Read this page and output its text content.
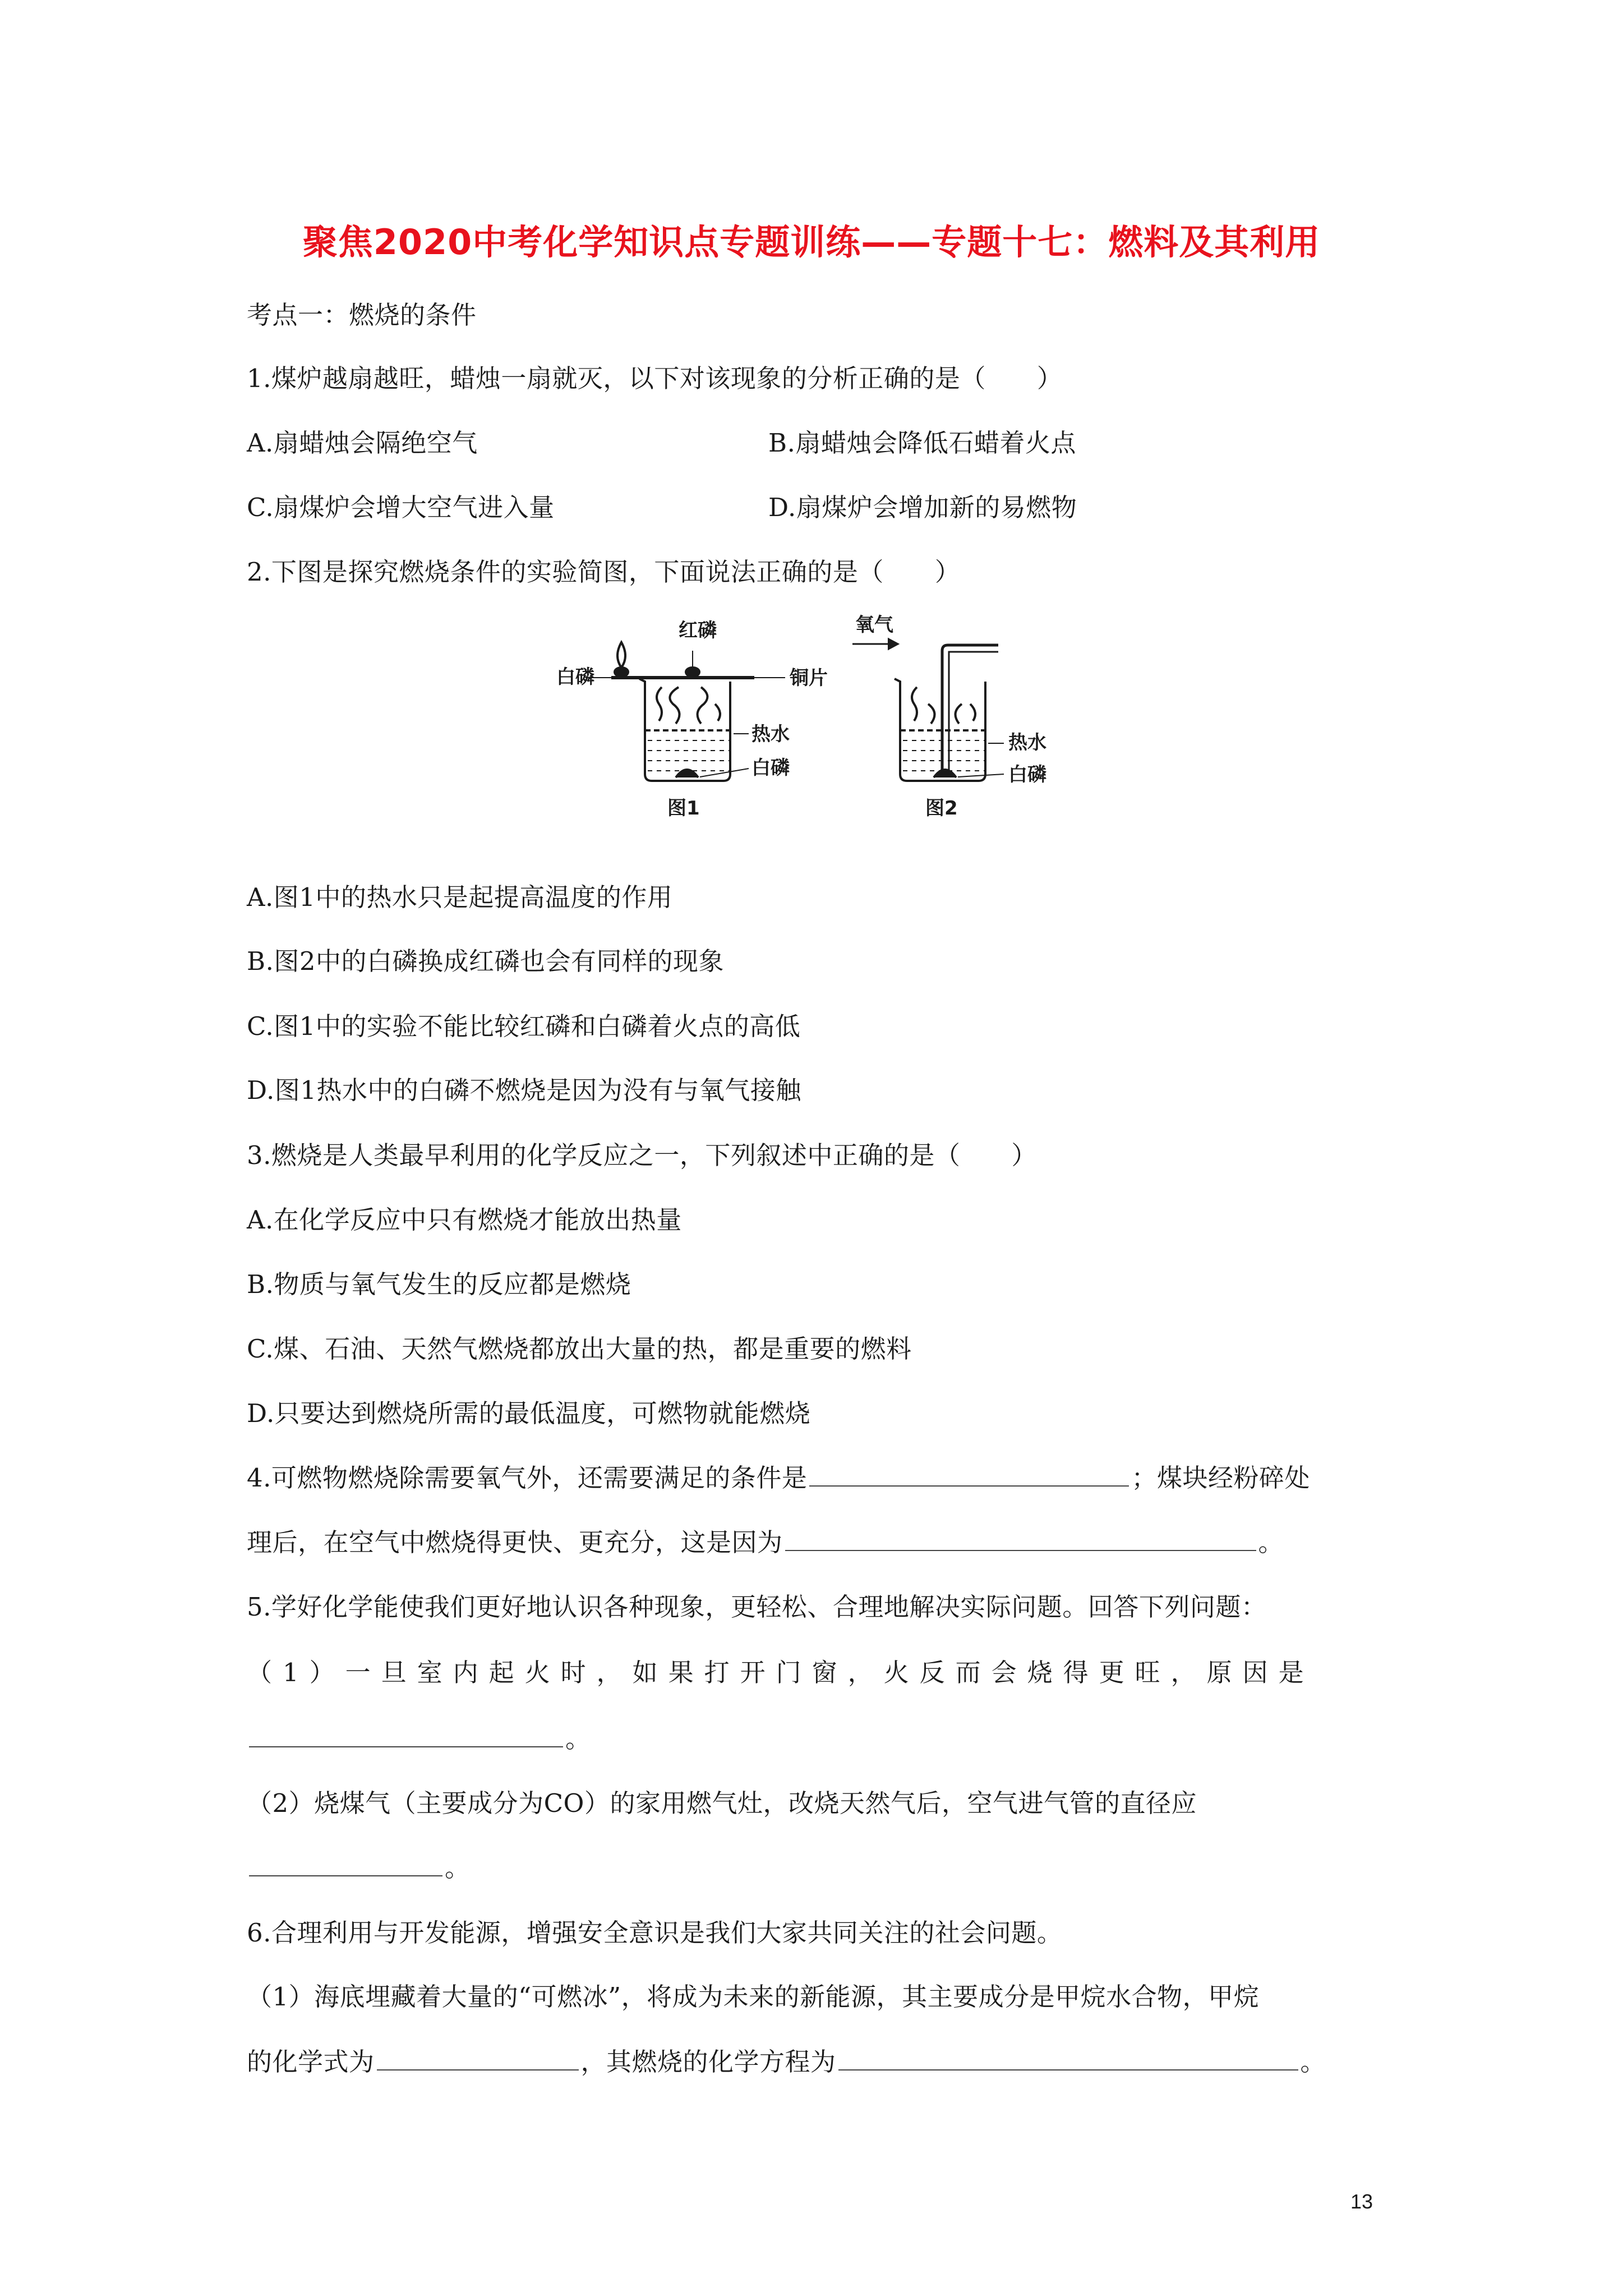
聚焦2020中考化学知识点专题训练——专题十七：燃料及其利用
考点一：燃烧的条件
1.煤炉越扇越旺，蜡烛一扇就灭，以下对该现象的分析正确的是（　　）
A.扇蜡烛会隔绝空气	B.扇蜡烛会降低石蜡着火点
C.扇煤炉会增大空气进入量	D.扇煤炉会增加新的易燃物
2.下图是探究燃烧条件的实验简图，下面说法正确的是（　　）
红磷
白磷	铜片
热水
白磷
图1
氧气
热水
白磷
图2
A.图1中的热水只是起提高温度的作用
B.图2中的白磷换成红磷也会有同样的现象
C.图1中的实验不能比较红磷和白磷着火点的高低
D.图1热水中的白磷不燃烧是因为没有与氧气接触
3.燃烧是人类最早利用的化学反应之一，下列叙述中正确的是（　　）
A.在化学反应中只有燃烧才能放出热量
B.物质与氧气发生的反应都是燃烧
C.煤、石油、天然气燃烧都放出大量的热，都是重要的燃料
D.只要达到燃烧所需的最低温度，可燃物就能燃烧
4.可燃物燃烧除需要氧气外，还需要满足的条件是	；煤块经粉碎处
理后，在空气中燃烧得更快、更充分，这是因为	。
5.学好化学能使我们更好地认识各种现象，更轻松、合理地解决实际问题。回答下列问题：
（1）一旦室内起火时，如果打开门窗，火反而会烧得更旺，原因是
。
（2）烧煤气（主要成分为CO）的家用燃气灶，改烧天然气后，空气进气管的直径应
。
6.合理利用与开发能源，增强安全意识是我们大家共同关注的社会问题。
（1）海底埋藏着大量的“可燃冰”，将成为未来的新能源，其主要成分是甲烷水合物，甲烷
的化学式为	，其燃烧的化学方程为	。
13
